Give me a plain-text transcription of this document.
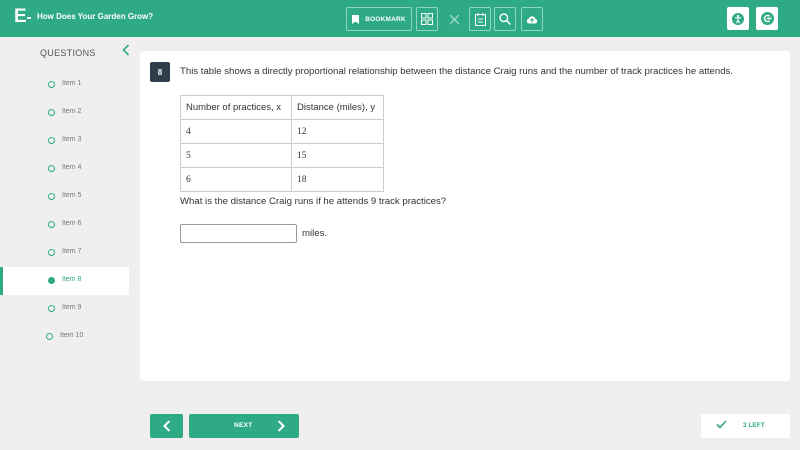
E How Does Your Garden Grow?	BOOKMARK
QUESTIONS
Item 1
Item 2
Item 3
Item 4
Item 5
Item 6
Item 7
Item 8
Item 9
Item 10
8	This table shows a directly proportional relationship between the distance Craig runs and the number of track practices he attends.
Number of practices, x	Distance (miles), y
4	12
5	15
6	18
What is the distance Craig runs if he attends 9 track practices?
miles.
NEXT	3 LEFT
